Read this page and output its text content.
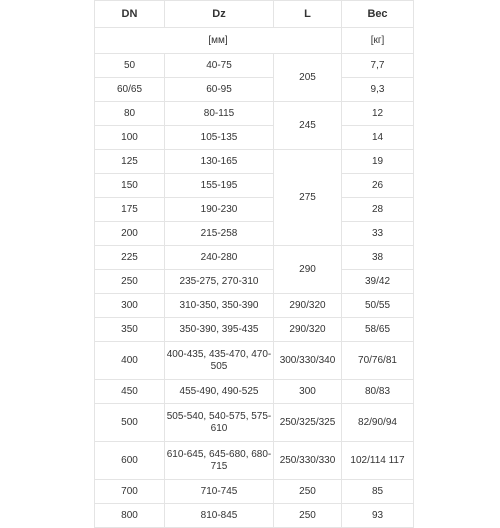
DN	Dz	L	Вес
[мм]			[кг]
50	40-75	205	7,7
60/65	60-95		9,3
80	80-115	245	12
100	105-135		14
125	130-165	275	19
150	155-195		26
175	190-230		28
200	215-258		33
225	240-280	290	38
250	235-275, 270-310		39/42
300	310-350, 350-390	290/320	50/55
350	350-390, 395-435	290/320	58/65
400	400-435, 435-470, 470-505	300/330/340	70/76/81
450	455-490, 490-525	300	80/83
500	505-540, 540-575, 575-610	250/325/325	82/90/94
600	610-645, 645-680, 680-715	250/330/330	102/114 117
700	710-745	250	85
800	810-845	250	93
